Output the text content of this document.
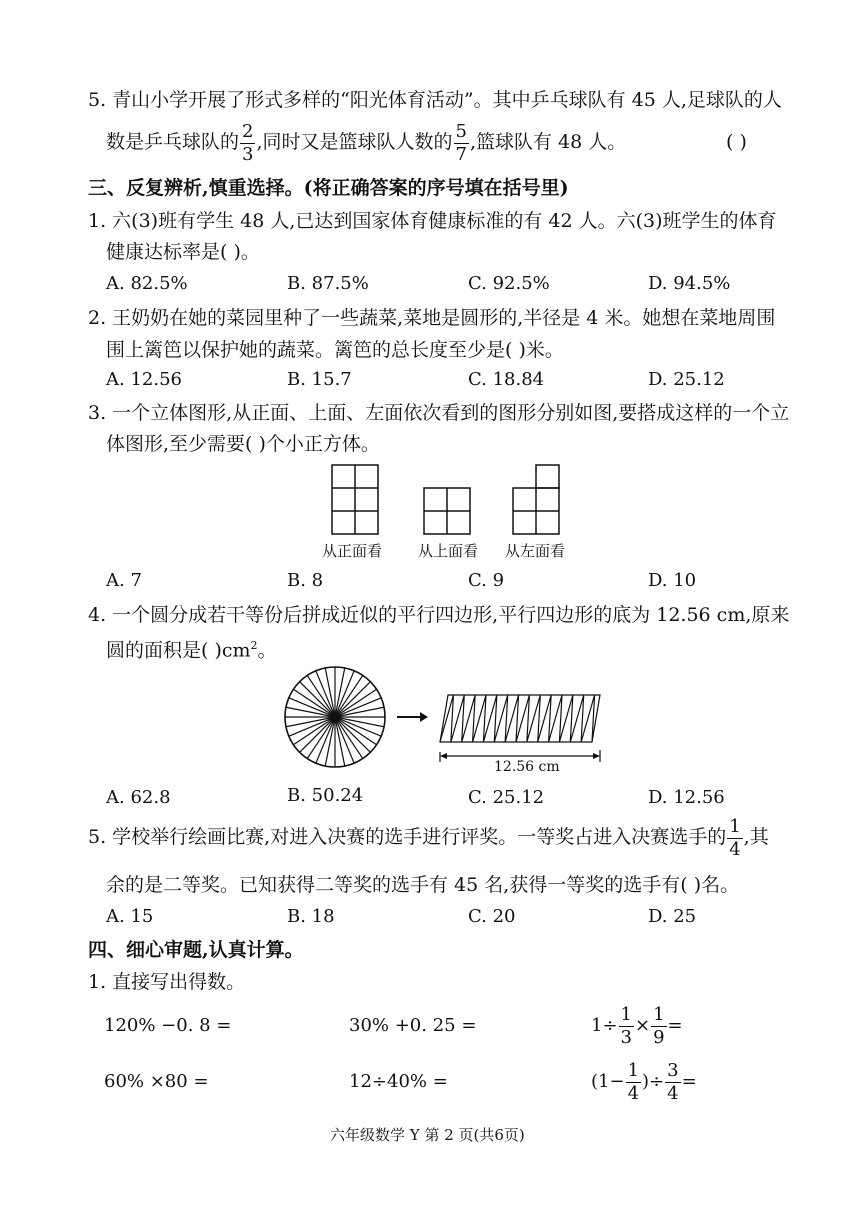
5. 青山小学开展了形式多样的“阳光体育活动”。其中乒乓球队有 45 人,足球队的人
数是乒乓球队的 $\frac{2}{3}$ ,同时又是篮球队人数的 $\frac{5}{7}$ ,篮球队有 48 人。	( )
三、反复辨析,慎重选择。(将正确答案的序号填在括号里)
1. 六(3)班有学生 48 人,已达到国家体育健康标准的有 42 人。六(3)班学生的体育
健康达标率是( )。
A. 82.5%	B. 87.5%	C. 92.5%	D. 94.5%
2. 王奶奶在她的菜园里种了一些蔬菜,菜地是圆形的,半径是 4 米。她想在菜地周围
围上篱笆以保护她的蔬菜。篱笆的总长度至少是( )米。
A. 12.56	B. 15.7	C. 18.84	D. 25.12
3. 一个立体图形,从正面、上面、左面依次看到的图形分别如图,要搭成这样的一个立
体图形,至少需要( )个小正方体。
从正面看 从上面看 从左面看
A. 7	B. 8	C. 9	D. 10
4. 一个圆分成若干等份后拼成近似的平行四边形,平行四边形的底为 12.56 cm,原来
圆的面积是( )$cm^2$。
12.56 cm
A. 62.8	B. 50.24	C. 25.12	D. 12.56
5. 学校举行绘画比赛,对进入决赛的选手进行评奖。一等奖占进入决赛选手的 $\frac{1}{4}$ ,其
余的是二等奖。已知获得二等奖的选手有 45 名,获得一等奖的选手有( )名。
A. 15	B. 18	C. 20	D. 25
四、细心审题,认真计算。
1. 直接写出得数。
120% −0. 8 =	30% +0. 25 =	$1\div \frac{1}{3} \times \frac{1}{9}$ =
60% ×80 =	12÷40% =	($1- \frac{1}{4}$ )÷ $\frac{3}{4}$ =
六年级数学 Y 第 2 页(共6页)
